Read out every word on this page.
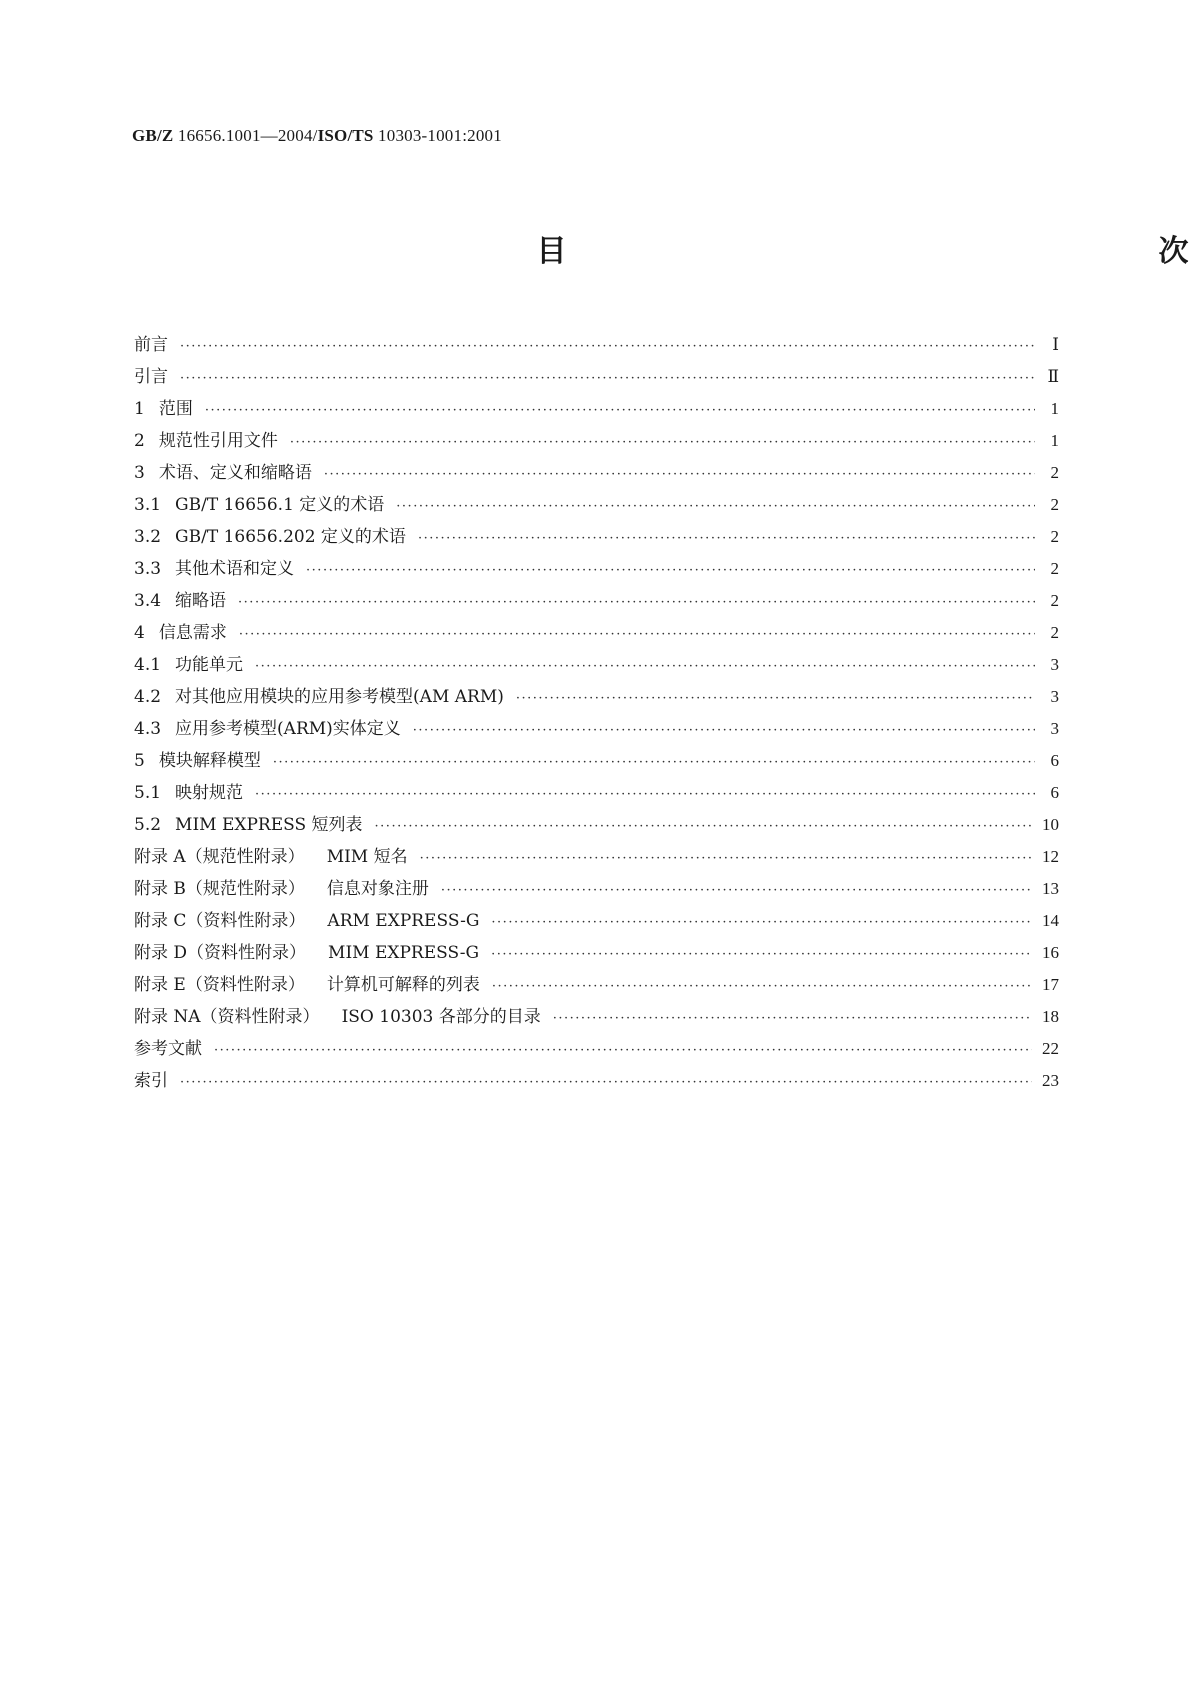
GB/Z 16656.1001—2004/ISO/TS 10303-1001:2001
目	次
前言 ·····	Ⅰ
引言 ·····	Ⅱ
1 范围 ·····	1
2 规范性引用文件 ·····	1
3 术语、定义和缩略语 ·····	2
3.1 GB/T 16656.1 定义的术语 ·····	2
3.2 GB/T 16656.202 定义的术语 ·····	2
3.3 其他术语和定义 ·····	2
3.4 缩略语 ·····	2
4 信息需求 ·····	2
4.1 功能单元 ·····	3
4.2 对其他应用模块的应用参考模型(AM ARM) ·····	3
4.3 应用参考模型(ARM)实体定义 ·····	3
5 模块解释模型 ·····	6
5.1 映射规范 ·····	6
5.2 MIM EXPRESS 短列表 ·····	10
附录 A（规范性附录） MIM 短名 ·····	12
附录 B（规范性附录） 信息对象注册 ·····	13
附录 C（资料性附录） ARM EXPRESS-G ·····	14
附录 D（资料性附录） MIM EXPRESS-G ·····	16
附录 E（资料性附录） 计算机可解释的列表 ·····	17
附录 NA（资料性附录） ISO 10303 各部分的目录 ·····	18
参考文献 ·····	22
索引 ·····	23
